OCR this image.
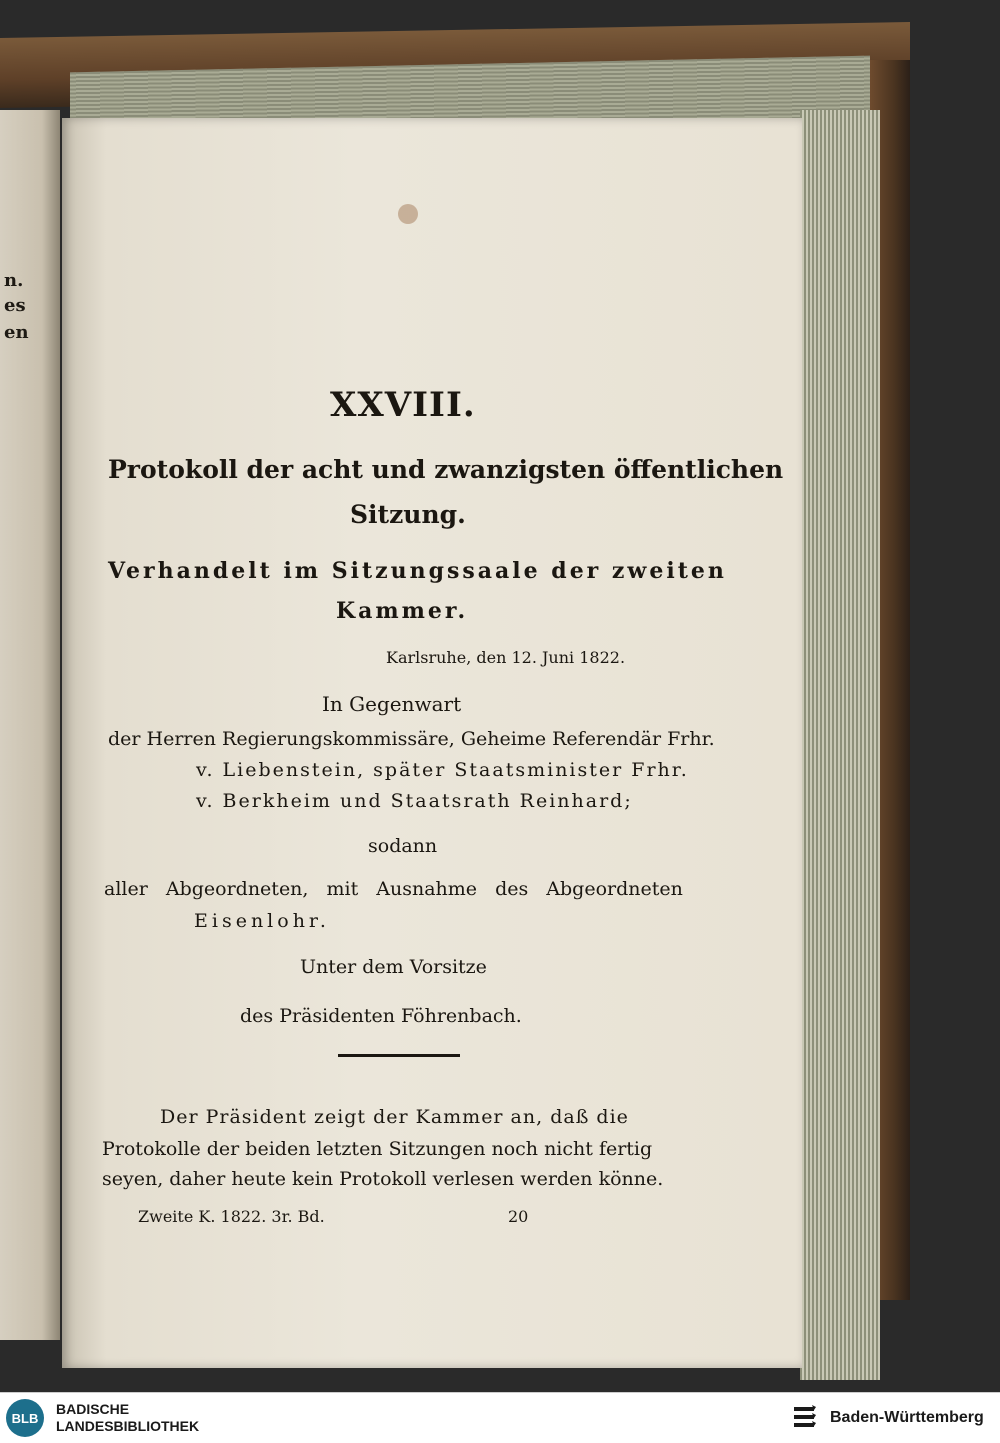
n.
es
en
XXVIII.
Protokoll der acht und zwanzigsten öffentlichen
Sitzung.
Verhandelt im Sitzungssaale der zweiten
Kammer.
Karlsruhe, den 12. Juni 1822.
In Gegenwart
der Herren Regierungskommissäre, Geheime Referendär Frhr.
v. Liebenstein, später Staatsminister Frhr.
v. Berkheim und Staatsrath Reinhard;
sodann
aller Abgeordneten, mit Ausnahme des Abgeordneten
Eisenlohr.
Unter dem Vorsitze
des Präsidenten Föhrenbach.
Der Präsident zeigt der Kammer an, daß die
Protokolle der beiden letzten Sitzungen noch nicht fertig
seyen, daher heute kein Protokoll verlesen werden könne.
Zweite K. 1822. 3r. Bd.	20
BLB
BADISCHE
LANDESBIBLIOTHEK	Baden-Württemberg
